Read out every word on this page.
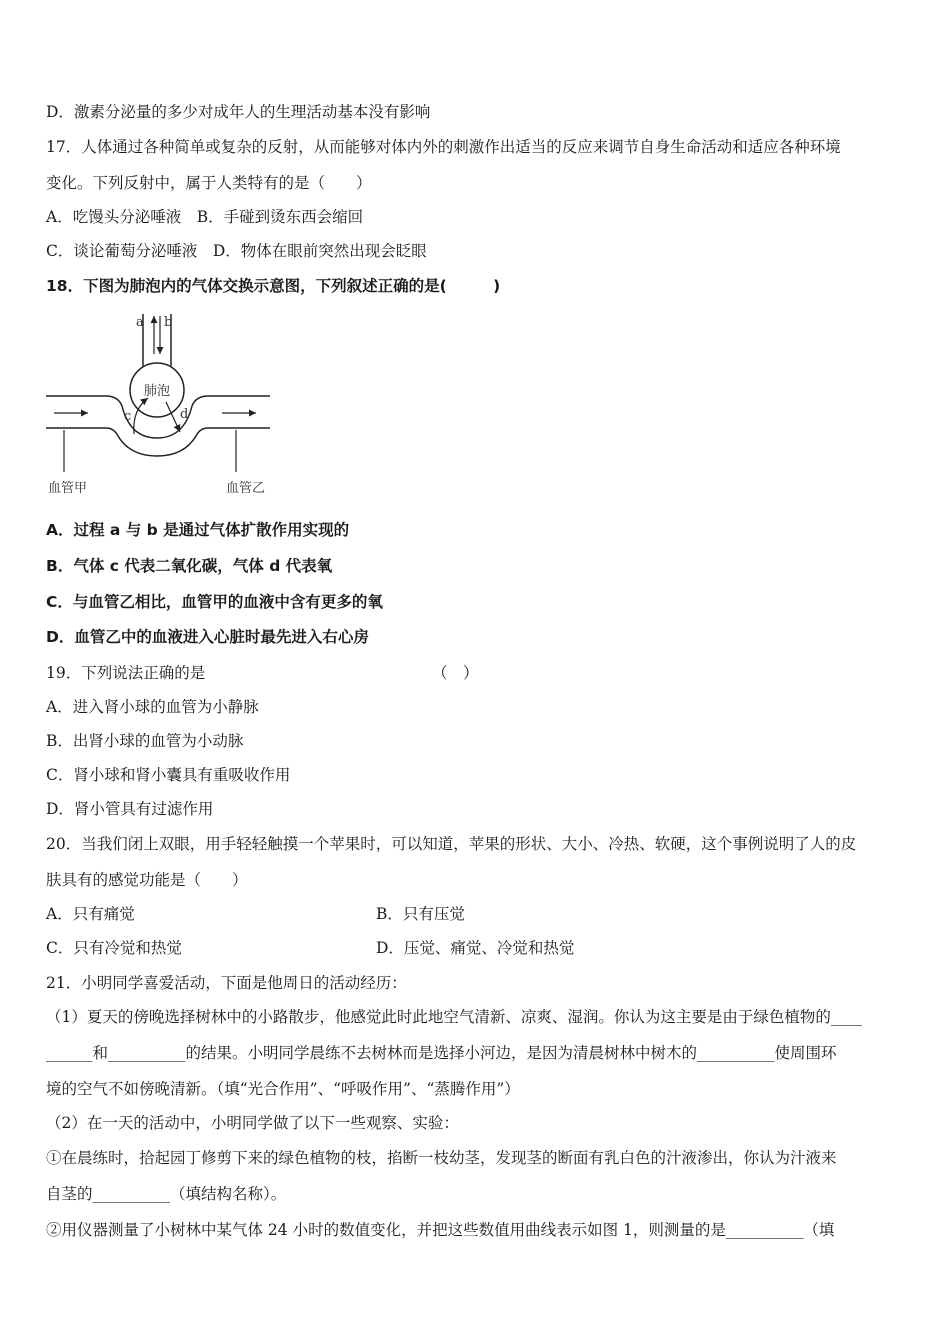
D．激素分泌量的多少对成年人的生理活动基本没有影响
17．人体通过各种简单或复杂的反射，从而能够对体内外的刺激作出适当的反应来调节自身生命活动和适应各种环境
变化。下列反射中，属于人类特有的是（　　）
A．吃馒头分泌唾液　B．手碰到烫东西会缩回
C．谈论葡萄分泌唾液　D．物体在眼前突然出现会眨眼
18．下图为肺泡内的气体交换示意图，下列叙述正确的是(　　　)
a b
肺泡
c	d
血管甲	血管乙
A．过程 a 与 b 是通过气体扩散作用实现的
B．气体 c 代表二氧化碳，气体 d 代表氧
C．与血管乙相比，血管甲的血液中含有更多的氧
D．血管乙中的血液进入心脏时最先进入右心房
19．下列说法正确的是	（　）
A．进入肾小球的血管为小静脉
B．出肾小球的血管为小动脉
C．肾小球和肾小囊具有重吸收作用
D．肾小管具有过滤作用
20．当我们闭上双眼，用手轻轻触摸一个苹果时，可以知道，苹果的形状、大小、冷热、软硬，这个事例说明了人的皮
肤具有的感觉功能是（　　）
A．只有痛觉	B．只有压觉
C．只有冷觉和热觉	D．压觉、痛觉、冷觉和热觉
21．小明同学喜爱活动，下面是他周日的活动经历：
（1）夏天的傍晚选择树林中的小路散步，他感觉此时此地空气清新、凉爽、湿润。你认为这主要是由于绿色植物的____
______和__________的结果。小明同学晨练不去树林而是选择小河边，是因为清晨树林中树木的__________使周围环
境的空气不如傍晚清新。（填“光合作用”、“呼吸作用”、“蒸腾作用”）
（2）在一天的活动中，小明同学做了以下一些观察、实验：
①在晨练时，拾起园丁修剪下来的绿色植物的枝，掐断一枝幼茎，发现茎的断面有乳白色的汁液渗出，你认为汁液来
自茎的__________（填结构名称）。
②用仪器测量了小树林中某气体 24 小时的数值变化，并把这些数值用曲线表示如图 1，则测量的是__________（填
